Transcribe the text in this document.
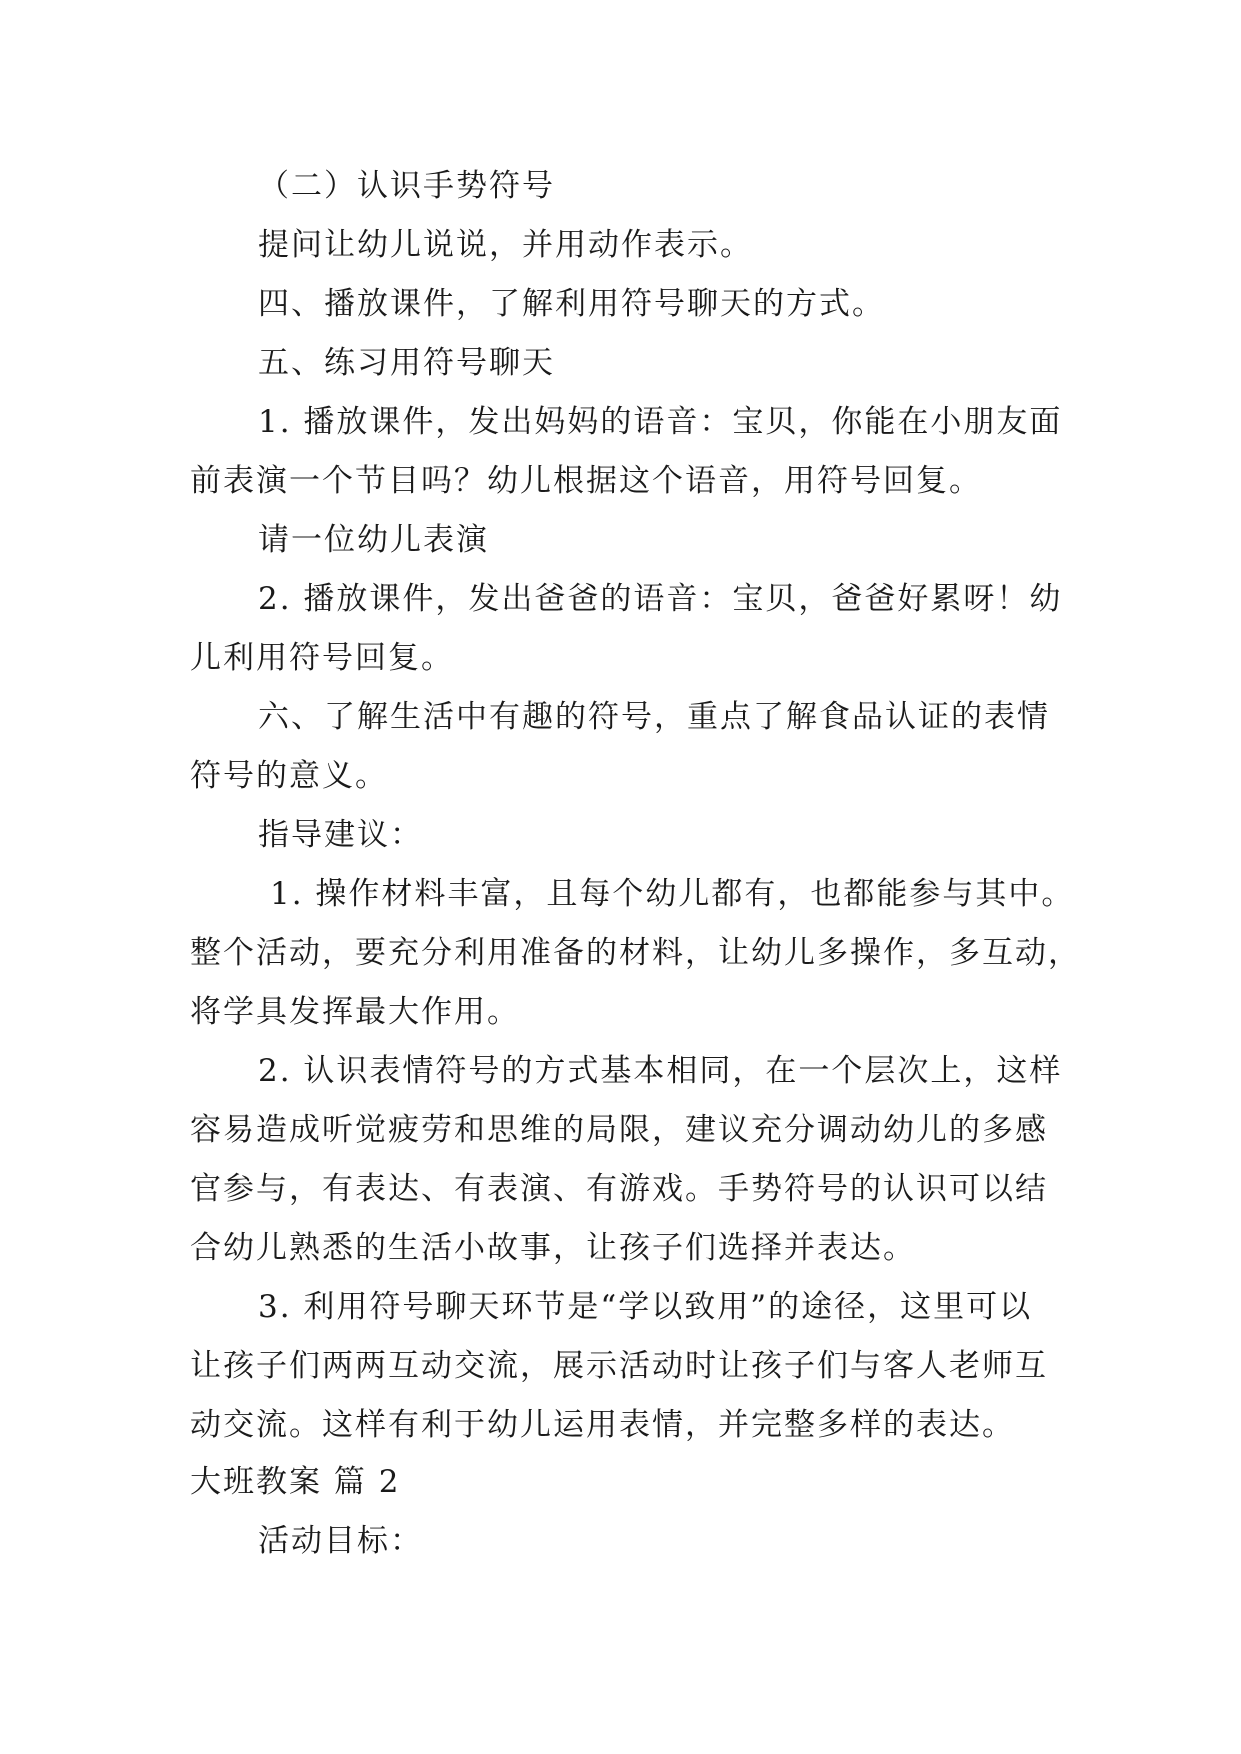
（二）认识手势符号
提问让幼儿说说，并用动作表示。
四、播放课件，了解利用符号聊天的方式。
五、练习用符号聊天
1. 播放课件，发出妈妈的语音：宝贝，你能在小朋友面
前表演一个节目吗？幼儿根据这个语音，用符号回复。
请一位幼儿表演
2. 播放课件，发出爸爸的语音：宝贝，爸爸好累呀！幼
儿利用符号回复。
六、了解生活中有趣的符号，重点了解食品认证的表情
符号的意义。
指导建议：
1. 操作材料丰富，且每个幼儿都有，也都能参与其中。
整个活动，要充分利用准备的材料，让幼儿多操作，多互动，
将学具发挥最大作用。
2. 认识表情符号的方式基本相同，在一个层次上，这样
容易造成听觉疲劳和思维的局限，建议充分调动幼儿的多感
官参与，有表达、有表演、有游戏。手势符号的认识可以结
合幼儿熟悉的生活小故事，让孩子们选择并表达。
3. 利用符号聊天环节是“学以致用”的途径，这里可以
让孩子们两两互动交流，展示活动时让孩子们与客人老师互
动交流。这样有利于幼儿运用表情，并完整多样的表达。
大班教案 篇 2
活动目标：
